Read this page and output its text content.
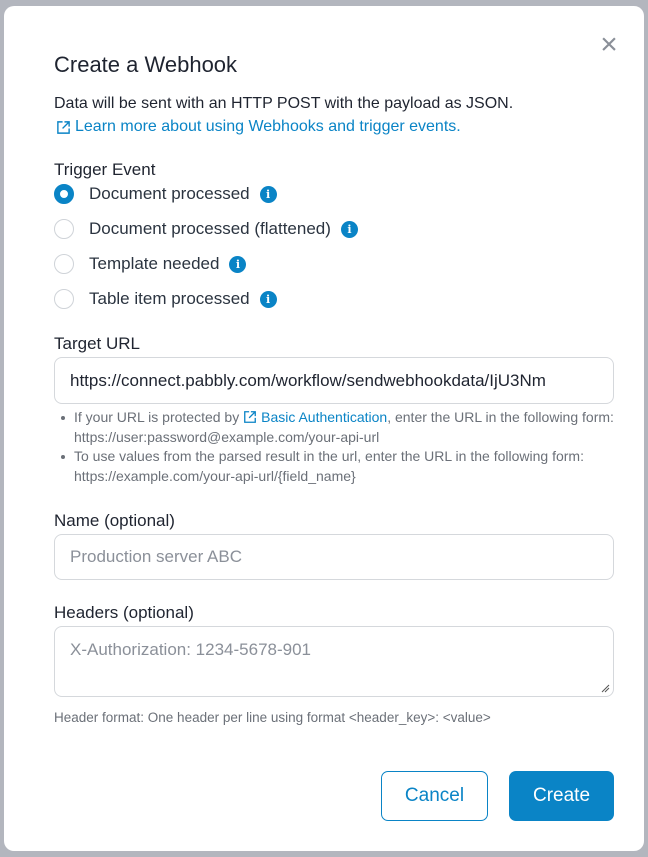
×
Create a Webhook
Data will be sent with an HTTP POST with the payload as JSON.
Learn more about using Webhooks and trigger events.
Trigger Event
Document processed	i
Document processed (flattened)	i
Template needed	i
Table item processed	i
Target URL
https://connect.pabbly.com/workflow/sendwebhookdata/IjU3Nm
If your URL is protected by Basic Authentication, enter the URL in the following form: https://user:password@example.com/your-api-url
To use values from the parsed result in the url, enter the URL in the following form: https://example.com/your-api-url/{field_name}
Name (optional)
Production server ABC
Headers (optional)
X-Authorization: 1234-5678-901
Header format: One header per line using format <header_key>: <value>
Cancel	Create
